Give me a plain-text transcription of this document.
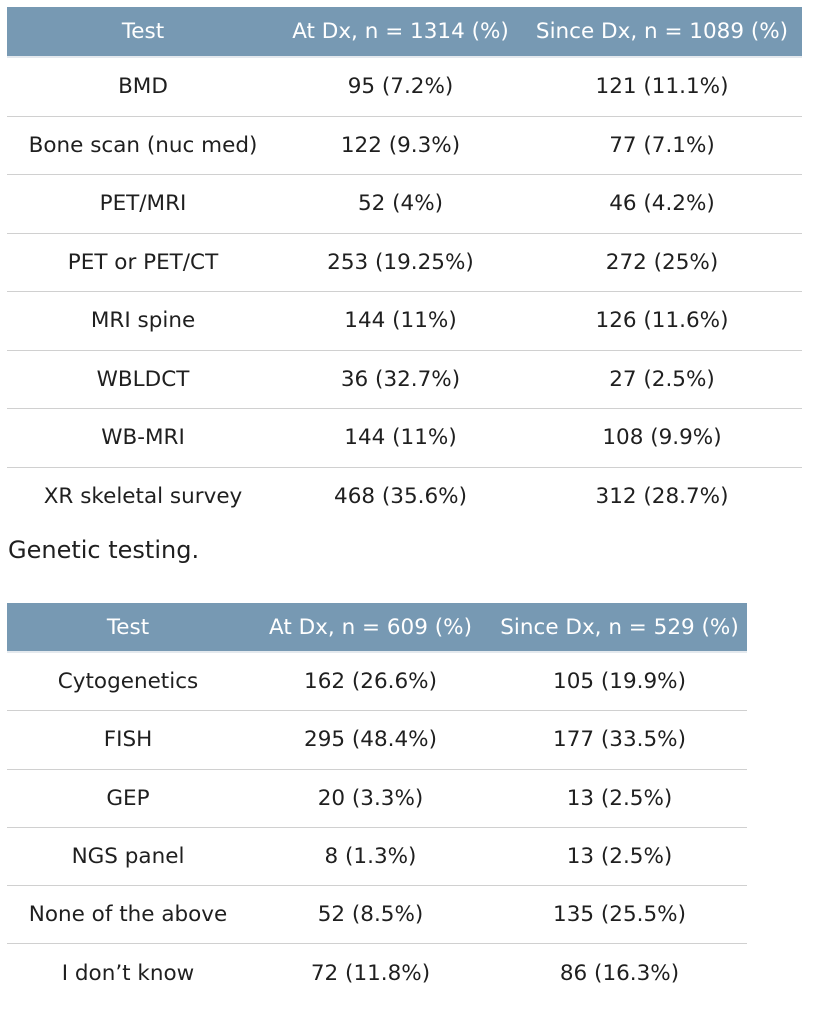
Test	At Dx, n = 1314 (%)	Since Dx, n = 1089 (%)
BMD	95 (7.2%)	121 (11.1%)
Bone scan (nuc med)	122 (9.3%)	77 (7.1%)
PET/MRI	52 (4%)	46 (4.2%)
PET or PET/CT	253 (19.25%)	272 (25%)
MRI spine	144 (11%)	126 (11.6%)
WBLDCT	36 (32.7%)	27 (2.5%)
WB-MRI	144 (11%)	108 (9.9%)
XR skeletal survey	468 (35.6%)	312 (28.7%)

Genetic testing.

Test	At Dx, n = 609 (%)	Since Dx, n = 529 (%)
Cytogenetics	162 (26.6%)	105 (19.9%)
FISH	295 (48.4%)	177 (33.5%)
GEP	20 (3.3%)	13 (2.5%)
NGS panel	8 (1.3%)	13 (2.5%)
None of the above	52 (8.5%)	135 (25.5%)
I don’t know	72 (11.8%)	86 (16.3%)
